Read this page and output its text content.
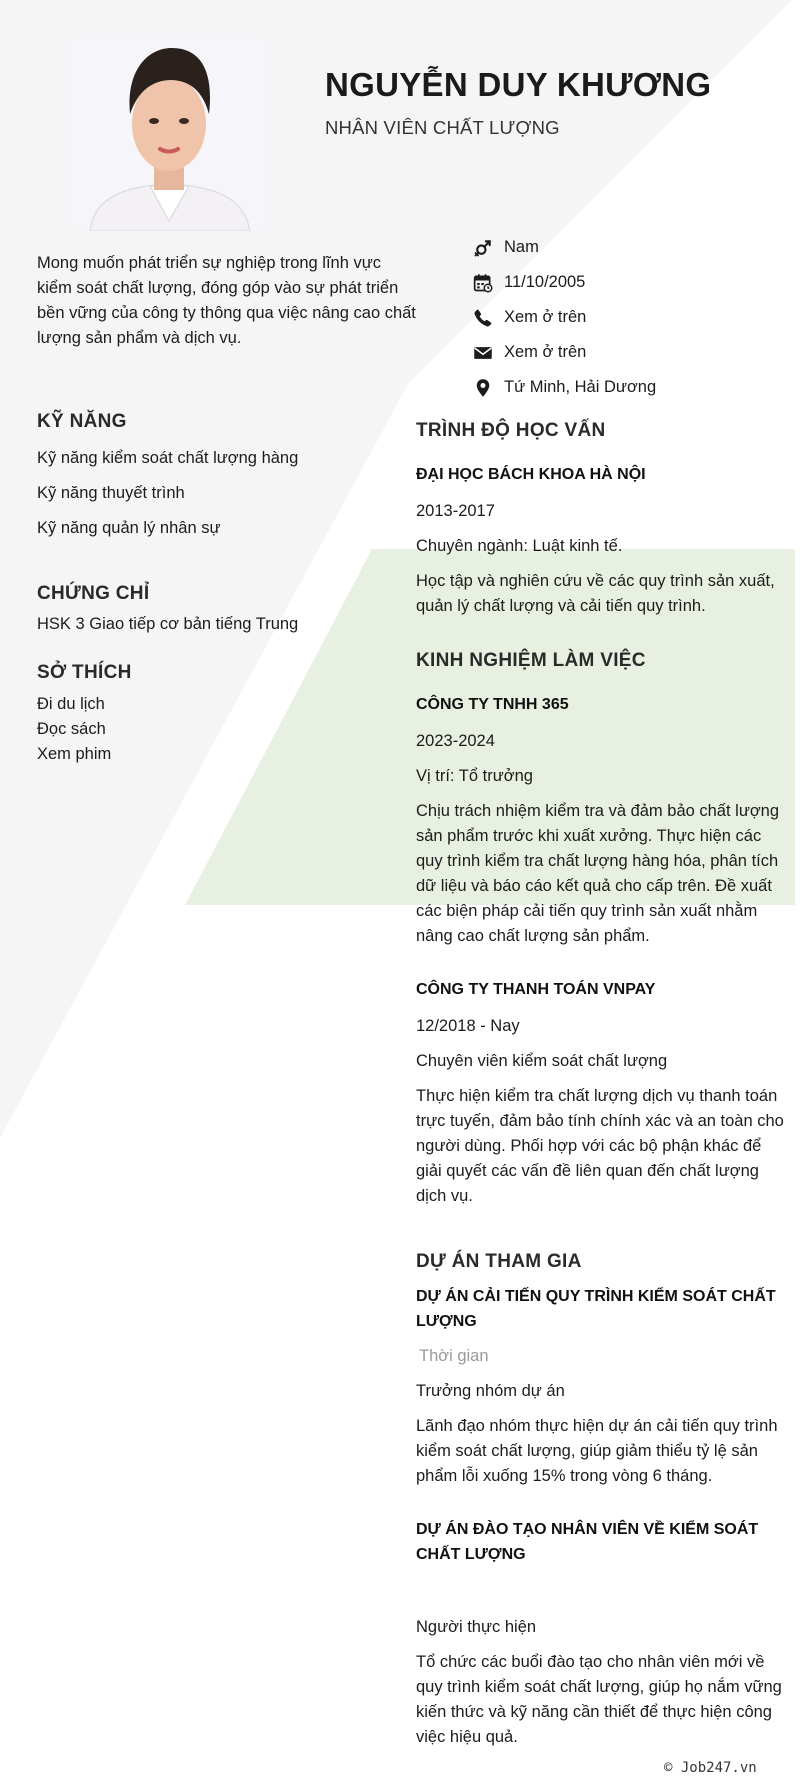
NGUYỄN DUY KHƯƠNG
NHÂN VIÊN CHẤT LƯỢNG
Mong muốn phát triển sự nghiệp trong lĩnh vực kiểm soát chất lượng, đóng góp vào sự phát triển bền vững của công ty thông qua việc nâng cao chất lượng sản phẩm và dịch vụ.
Nam
11/10/2005
Xem ở trên
Xem ở trên
Tứ Minh, Hải Dương
KỸ NĂNG
Kỹ năng kiểm soát chất lượng hàng
Kỹ năng thuyết trình
Kỹ năng quản lý nhân sự
CHỨNG CHỈ
HSK 3 Giao tiếp cơ bản tiếng Trung
SỞ THÍCH
Đi du lịch
Đọc sách
Xem phim
TRÌNH ĐỘ HỌC VẤN
ĐẠI HỌC BÁCH KHOA HÀ NỘI
2013-2017
Chuyên ngành: Luật kinh tế.
Học tập và nghiên cứu về các quy trình sản xuất, quản lý chất lượng và cải tiến quy trình.
KINH NGHIỆM LÀM VIỆC
CÔNG TY TNHH 365
2023-2024
Vị trí: Tổ trưởng
Chịu trách nhiệm kiểm tra và đảm bảo chất lượng sản phẩm trước khi xuất xưởng. Thực hiện các quy trình kiểm tra chất lượng hàng hóa, phân tích dữ liệu và báo cáo kết quả cho cấp trên. Đề xuất các biện pháp cải tiến quy trình sản xuất nhằm nâng cao chất lượng sản phẩm.
CÔNG TY THANH TOÁN VNPAY
12/2018 - Nay
Chuyên viên kiểm soát chất lượng
Thực hiện kiểm tra chất lượng dịch vụ thanh toán trực tuyến, đảm bảo tính chính xác và an toàn cho người dùng. Phối hợp với các bộ phận khác để giải quyết các vấn đề liên quan đến chất lượng dịch vụ.
DỰ ÁN THAM GIA
DỰ ÁN CẢI TIẾN QUY TRÌNH KIỂM SOÁT CHẤT LƯỢNG
Thời gian
Trưởng nhóm dự án
Lãnh đạo nhóm thực hiện dự án cải tiến quy trình kiểm soát chất lượng, giúp giảm thiểu tỷ lệ sản phẩm lỗi xuống 15% trong vòng 6 tháng.
DỰ ÁN ĐÀO TẠO NHÂN VIÊN VỀ KIỂM SOÁT CHẤT LƯỢNG
Người thực hiện
Tổ chức các buổi đào tạo cho nhân viên mới về quy trình kiểm soát chất lượng, giúp họ nắm vững kiến thức và kỹ năng cần thiết để thực hiện công việc hiệu quả.
© Job247.vn
